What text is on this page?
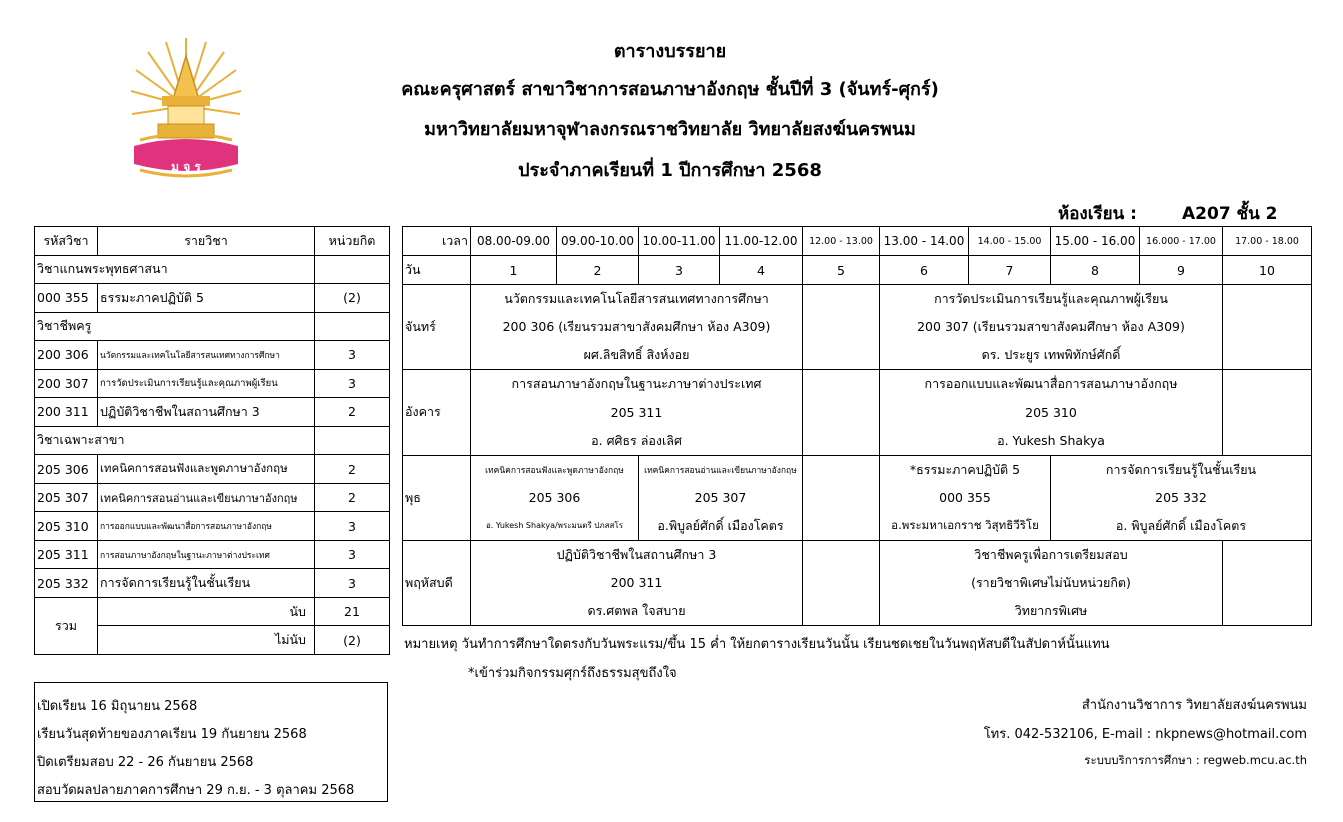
ม จ ร
ตารางบรรยาย
คณะครุศาสตร์ สาขาวิชาการสอนภาษาอังกฤษ ชั้นปีที่ 3 (จันทร์-ศุกร์)
มหาวิทยาลัยมหาจุฬาลงกรณราชวิทยาลัย วิทยาลัยสงฆ์นครพนม
ประจำภาคเรียนที่ 1 ปีการศึกษา 2568
ห้องเรียน :	A207 ชั้น 2
รหัสวิชา	รายวิชา	หน่วยกิต
วิชาแกนพระพุทธศาสนา		
000 355	ธรรมะภาคปฏิบัติ 5	(2)
วิชาชีพครู		
200 306	นวัตกรรมและเทคโนโลยีสารสนเทศทางการศึกษา	3
200 307	การวัดประเมินการเรียนรู้และคุณภาพผู้เรียน	3
200 311	ปฏิบัติวิชาชีพในสถานศึกษา 3	2
วิชาเฉพาะสาขา		
205 306	เทคนิคการสอนฟังและพูดภาษาอังกฤษ	2
205 307	เทคนิคการสอนอ่านและเขียนภาษาอังกฤษ	2
205 310	การออกแบบและพัฒนาสื่อการสอนภาษาอังกฤษ	3
205 311	การสอนภาษาอังกฤษในฐานะภาษาต่างประเทศ	3
205 332	การจัดการเรียนรู้ในชั้นเรียน	3
รวม	นับ	21
	ไม่นับ	(2)
เวลา	08.00-09.00	09.00-10.00	10.00-11.00	11.00-12.00	12.00 - 13.00	13.00 - 14.00	14.00 - 15.00	15.00 - 16.00	16.000 - 17.00	17.00 - 18.00
วัน	1	2	3	4	5	6	7	8	9	10
จันทร์	นวัตกรรมและเทคโนโลยีสารสนเทศทางการศึกษา					การวัดประเมินการเรียนรู้และคุณภาพผู้เรียน				
	200 306 (เรียนรวมสาขาสังคมศึกษา ห้อง A309)					200 307 (เรียนรวมสาขาสังคมศึกษา ห้อง A309)				
	ผศ.ลิขสิทธิ์ สิงห์งอย					ดร. ประยูร เทพพิทักษ์ศักดิ์				
อังคาร	การสอนภาษาอังกฤษในฐานะภาษาต่างประเทศ					การออกแบบและพัฒนาสื่อการสอนภาษาอังกฤษ				
	205 311					205 310				
	อ. ศศิธร ล่องเลิศ					อ. Yukesh Shakya				
พุธ	เทคนิคการสอนฟังและพูดภาษาอังกฤษ		เทคนิคการสอนอ่านและเขียนภาษาอังกฤษ			*ธรรมะภาคปฏิบัติ 5		การจัดการเรียนรู้ในชั้นเรียน		
	205 306		205 307			000 355		205 332		
	อ. Yukesh Shakya/พระมนตรี ปภสสโร		อ.พิบูลย์ศักดิ์ เมืองโคตร			อ.พระมหาเอกราช วิสุทธิวีริโย		อ. พิบูลย์ศักดิ์ เมืองโคตร		
พฤหัสบดี	ปฏิบัติวิชาชีพในสถานศึกษา 3					วิชาชีพครูเพื่อการเตรียมสอบ				
	200 311					(รายวิชาพิเศษไม่นับหน่วยกิต)				
	ดร.ศตพล ใจสบาย					วิทยากรพิเศษ				
หมายเหตุ วันทำการศึกษาใดตรงกับวันพระแรม/ขึ้น 15 ค่ำ ให้ยกตารางเรียนวันนั้น เรียนชดเชยในวันพฤหัสบดีในสัปดาห์นั้นแทน
*เข้าร่วมกิจกรรมศุกร์ถึงธรรมสุขถึงใจ
เปิดเรียน 16 มิถุนายน 2568
เรียนวันสุดท้ายของภาคเรียน 19 กันยายน 2568
ปิดเตรียมสอบ 22 - 26 กันยายน 2568
สอบวัดผลปลายภาคการศึกษา 29 ก.ย. - 3 ตุลาคม 2568
สำนักงานวิชาการ วิทยาลัยสงฆ์นครพนม
โทร. 042-532106, E-mail : nkpnews@hotmail.com
ระบบบริการการศึกษา : regweb.mcu.ac.th
